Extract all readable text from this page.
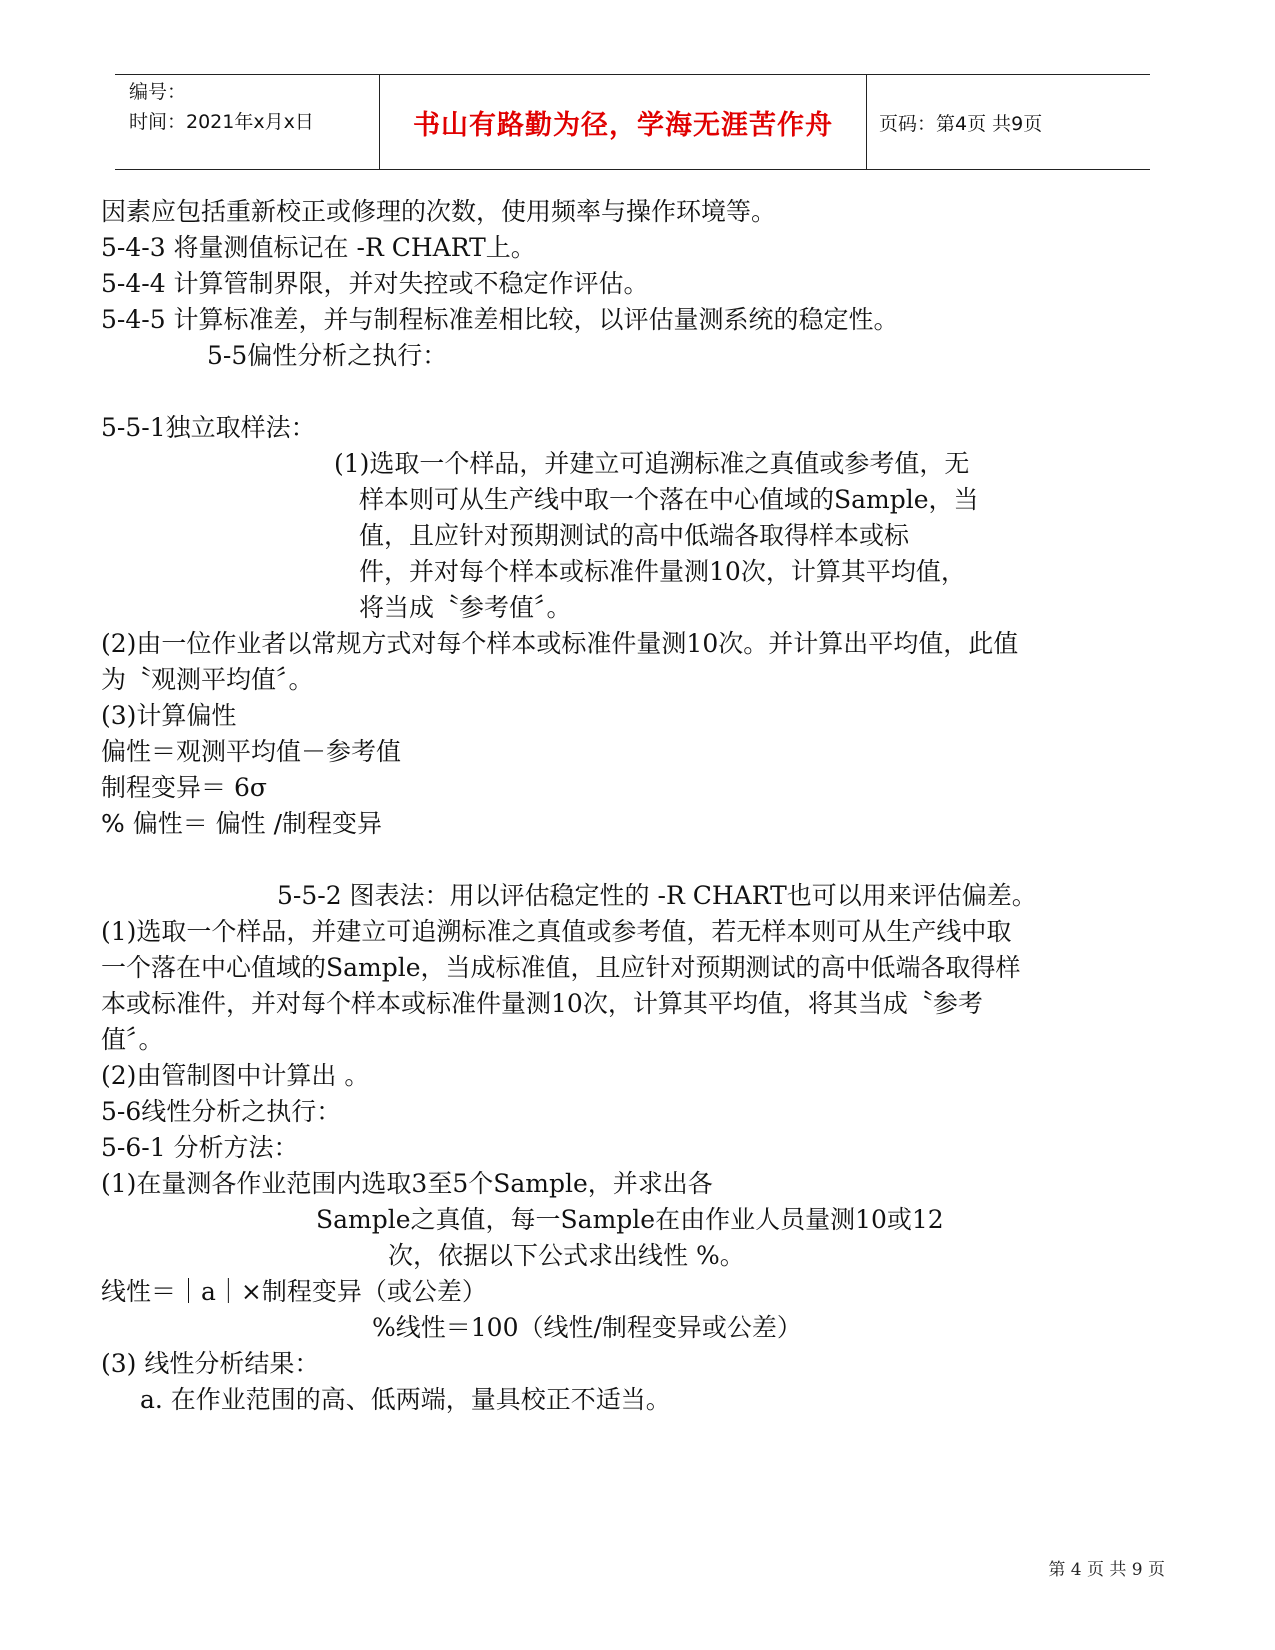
编号：
时间：2021年x月x日	书山有路勤为径，学海无涯苦作舟	页码：第4页 共9页
因素应包括重新校正或修理的次数，使用频率与操作环境等。
5-4-3 将量测值标记在 -R CHART上。
5-4-4 计算管制界限，并对失控或不稳定作评估。
5-4-5 计算标准差，并与制程标准差相比较，以评估量测系统的稳定性。
5-5偏性分析之执行：
5-5-1独立取样法：
(1)选取一个样品，并建立可追溯标准之真值或参考值，无
样本则可从生产线中取一个落在中心值域的Sample，当
值，且应针对预期测试的高中低端各取得样本或标
件，并对每个样本或标准件量测10次，计算其平均值，
将当成〝参考值〞。
(2)由一位作业者以常规方式对每个样本或标准件量测10次。并计算出平均值，此值
为〝观测平均值〞。
(3)计算偏性
偏性＝观测平均值－参考值
制程变异＝ 6σ
% 偏性＝ 偏性 /制程变异
5-5-2 图表法：用以评估稳定性的 -R CHART也可以用来评估偏差。
(1)选取一个样品，并建立可追溯标准之真值或参考值，若无样本则可从生产线中取
一个落在中心值域的Sample，当成标准值，且应针对预期测试的高中低端各取得样
本或标准件，并对每个样本或标准件量测10次，计算其平均值，将其当成〝参考
值〞。
(2)由管制图中计算出 。
5-6线性分析之执行：
5-6-1 分析方法：
(1)在量测各作业范围内选取3至5个Sample，并求出各
Sample之真值，每一Sample在由作业人员量测10或12
次，依据以下公式求出线性 %。
线性＝｜a｜×制程变异（或公差）
%线性＝100（线性/制程变异或公差）
(3) 线性分析结果：
a. 在作业范围的高、低两端，量具校正不适当。
第 4 页 共 9 页
